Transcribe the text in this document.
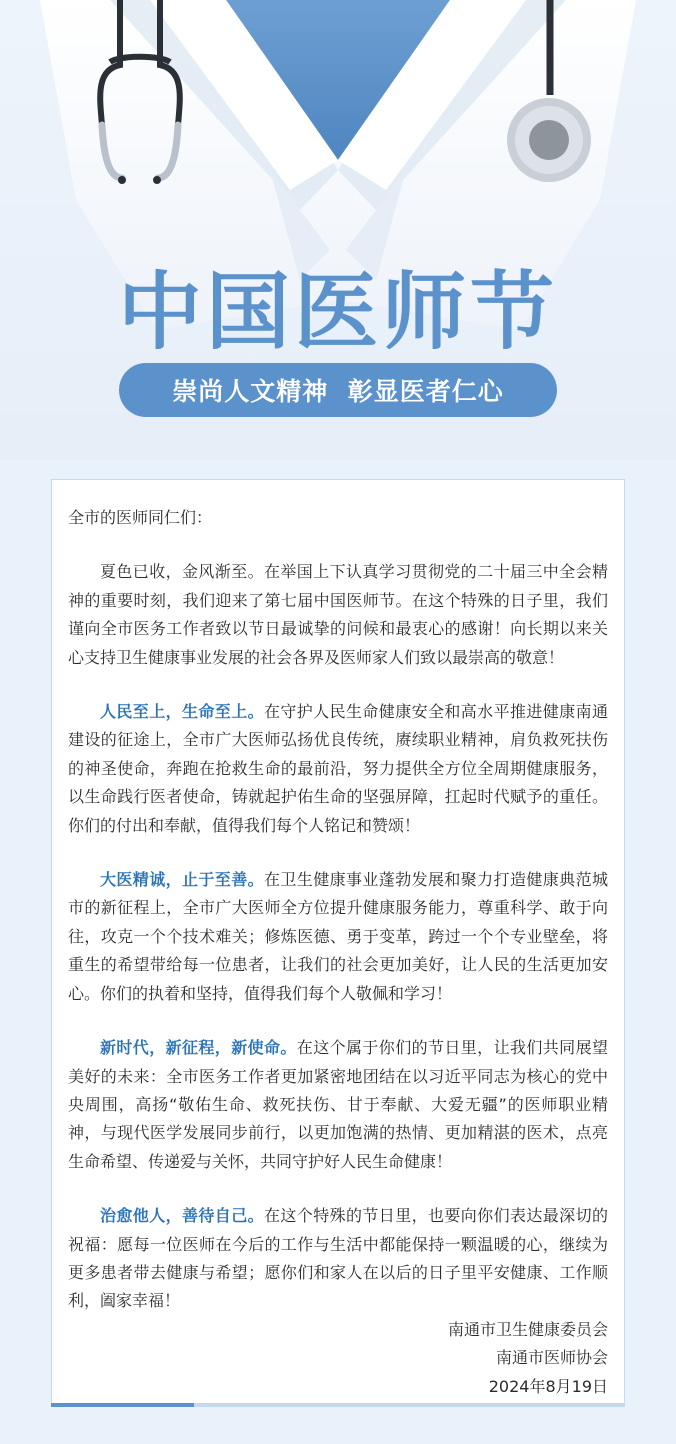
中国医师节
崇尚人文精神  彰显医者仁心

全市的医师同仁们：

夏色已收，金风渐至。在举国上下认真学习贯彻党的二十届三中全会精神的重要时刻，我们迎来了第七届中国医师节。在这个特殊的日子里，我们谨向全市医务工作者致以节日最诚挚的问候和最衷心的感谢！向长期以来关心支持卫生健康事业发展的社会各界及医师家人们致以最崇高的敬意！

人民至上，生命至上。在守护人民生命健康安全和高水平推进健康南通建设的征途上，全市广大医师弘扬优良传统，赓续职业精神，肩负救死扶伤的神圣使命，奔跑在抢救生命的最前沿，努力提供全方位全周期健康服务，以生命践行医者使命，铸就起护佑生命的坚强屏障，扛起时代赋予的重任。你们的付出和奉献，值得我们每个人铭记和赞颂！

大医精诚，止于至善。在卫生健康事业蓬勃发展和聚力打造健康典范城市的新征程上，全市广大医师全方位提升健康服务能力，尊重科学、敢于向往，攻克一个个技术难关；修炼医德、勇于变革，跨过一个个专业壁垒，将重生的希望带给每一位患者，让我们的社会更加美好，让人民的生活更加安心。你们的执着和坚持，值得我们每个人敬佩和学习！

新时代，新征程，新使命。在这个属于你们的节日里，让我们共同展望美好的未来：全市医务工作者更加紧密地团结在以习近平同志为核心的党中央周围，高扬“敬佑生命、救死扶伤、甘于奉献、大爱无疆”的医师职业精神，与现代医学发展同步前行，以更加饱满的热情、更加精湛的医术，点亮生命希望、传递爱与关怀，共同守护好人民生命健康！

治愈他人，善待自己。在这个特殊的节日里，也要向你们表达最深切的祝福：愿每一位医师在今后的工作与生活中都能保持一颗温暖的心，继续为更多患者带去健康与希望；愿你们和家人在以后的日子里平安健康、工作顺利，阖家幸福！

南通市卫生健康委员会
南通市医师协会
2024年8月19日
